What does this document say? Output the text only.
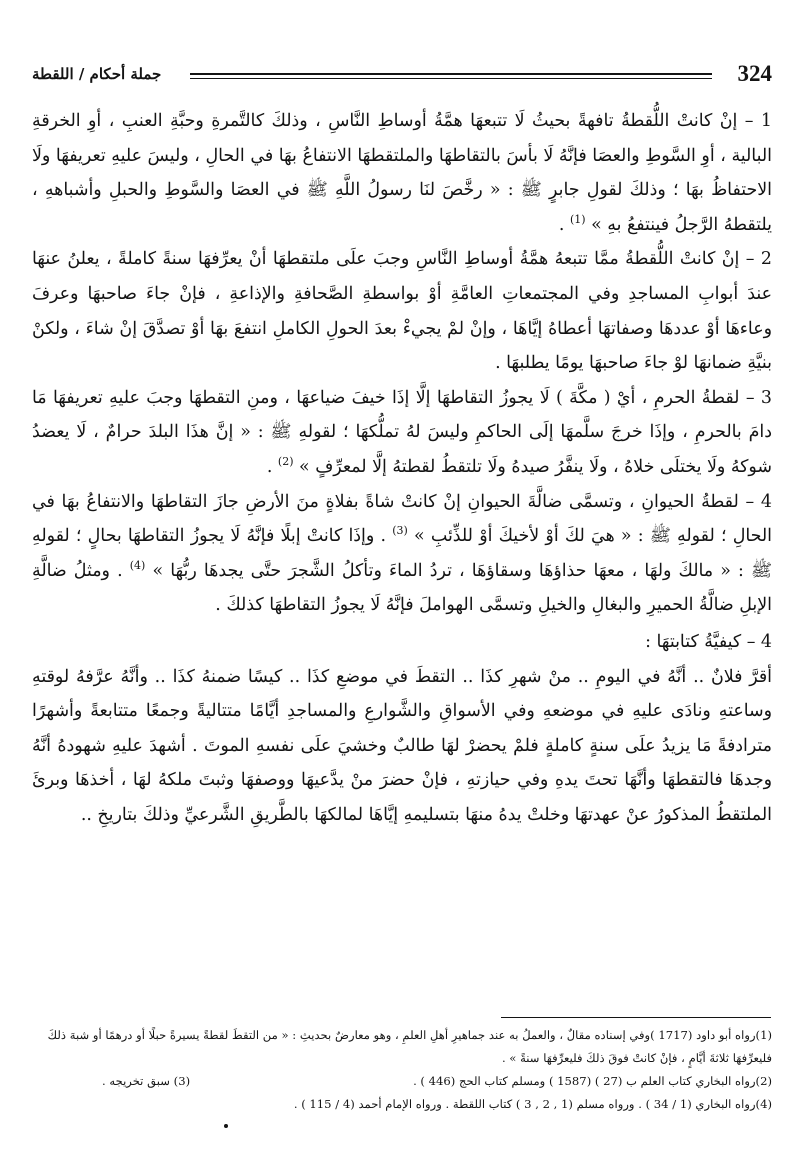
جملة أحكام / اللقطة	324

1 – إنْ كانتْ اللُّقطةُ تافهةً بحيثُ لَا تتبعهَا همَّةُ أوساطِ النَّاسِ ، وذلكَ كالتَّمرةِ وحبَّةِ العنبِ ، أوِ الخرقةِ البالية ، أوِ السَّوطِ والعصَا فإنَّهُ لَا بأسَ بالتقاطهَا والملتقطهَا الانتفاعُ بهَا في الحالِ ، وليسَ عليهِ تعريفهَا ولَا الاحتفاظُ بهَا ؛ وذلكَ لقولِ جابرٍ ﷺ : « رخَّصَ لنَا رسولُ اللَّهِ ﷺ في العصَا والسَّوطِ والحبلِ وأشباههِ ، يلتقطهُ الرَّجلُ فينتفعُ بهِ » $^{(1)}$ .

2 – إنْ كانتْ اللُّقطةُ ممَّا تتبعهُ همَّةُ أوساطِ النَّاسِ وجبَ علَى ملتقطهَا أنْ يعرِّفهَا سنةً كاملةً ، يعلنُ عنهَا عندَ أبوابِ المساجدِ وفي المجتمعاتِ العامَّةِ أوْ بواسطةِ الصَّحافةِ والإذاعةِ ، فإنْ جاءَ صاحبهَا وعرفَ وعاءهَا أوْ عددهَا وصفاتهَا أعطاهُ إيَّاهَا ، وإنْ لمْ يجيءْ بعدَ الحولِ الكاملِ انتفعَ بهَا أوْ تصدَّقَ إنْ شاءَ ، ولكنْ بنيَّةِ ضمانهَا لوْ جاءَ صاحبهَا يومًا يطلبهَا .

3 – لقطةُ الحرمِ ، أيْ ( مكَّةَ ) لَا يجوزُ التقاطهَا إلَّا إذَا خيفَ ضياعهَا ، ومنِ التقطهَا وجبَ عليهِ تعريفهَا مَا دامَ بالحرمِ ، وإذَا خرجَ سلَّمهَا إلَى الحاكمِ وليسَ لهُ تملُّكهَا ؛ لقولهِ ﷺ : « إنَّ هذَا البلدَ حرامٌ ، لَا يعضدُ شوكهُ ولَا يختلَى خلاهُ ، ولَا ينفَّرُ صيدهُ ولَا تلتقطُ لقطتهُ إلَّا لمعرِّفٍ » $^{(2)}$ .

4 – لقطةُ الحيوانِ ، وتسمَّى ضالَّةَ الحيوانِ إنْ كانتْ شاةً بفلاةٍ منَ الأرضِ جازَ التقاطهَا والانتفاعُ بهَا في الحالِ ؛ لقولهِ ﷺ : « هيَ لكَ أوْ لأخيكَ أوْ للذِّئبِ » $^{(3)}$ . وإذَا كانتْ إبلًا فإنَّهُ لَا يجوزُ التقاطهَا بحالٍ ؛ لقولهِ ﷺ : « مالكَ ولهَا ، معهَا حذاؤهَا وسقاؤهَا ، تردُ الماءَ وتأكلُ الشَّجرَ حتَّى يجدهَا ربُّهَا » $^{(4)}$ . ومثلُ ضالَّةِ الإبلِ ضالَّةُ الحميرِ والبغالِ والخيلِ وتسمَّى الهواملَ فإنَّهُ لَا يجوزُ التقاطهَا كذلكَ .

4 – كيفيَّةُ كتابتهَا :

أقرَّ فلانٌ .. أنَّهُ في اليومِ .. منْ شهرِ كذَا .. التقطَ في موضعِ كذَا .. كيسًا ضمنهُ كذَا .. وأنَّهُ عرَّفهُ لوقتهِ وساعتهِ ونادَى عليهِ في موضعهِ وفي الأسواقِ والشَّوارعِ والمساجدِ أيَّامًا متتاليةً وجمعًا متتابعةً وأشهرًا مترادفةً مَا يزيدُ علَى سنةٍ كاملةٍ فلمْ يحضرْ لهَا طالبٌ وخشيَ علَى نفسهِ الموتَ . أشهدَ عليهِ شهودهُ أنَّهُ وجدهَا فالتقطهَا وأنَّهَا تحتَ يدهِ وفي حيازتهِ ، فإنْ حضرَ منْ يدَّعيهَا ووصفهَا وثبتَ ملكهُ لهَا ، أخذهَا وبرئَ الملتقطُ المذكورُ عنْ عهدتهَا وخلتْ يدهُ منهَا بتسليمهِ إيَّاهَا لمالكهَا بالطَّريقِ الشَّرعيِّ وذلكَ بتاريخِ ..

(1)رواه أبو داود (1717 )وفي إسناده مقالٌ ، والعملُ به عند جماهيرِ أهلِ العلمِ ، وهو معارضٌ بحديثِ : « من التقطَ لقطةً يسيرةً حبلًا أو درهمًا أو شبهَ ذلكَ فليعرِّفهَا ثلاثةَ أيَّامٍ ، فإنْ كانتْ فوقَ ذلكَ فليعرِّفهَا سنةً » .

(2)رواه البخاري كتاب العلم ب (27 ) (1587 ) ومسلم كتاب الحج (446 ) .
(3) سبق تخريجه .

(4)رواه البخاري (1 / 34 ) . ورواه مسلم (1 , 2 , 3 ) كتاب اللقطة . ورواه الإمام أحمد (4 / 115 ) .
